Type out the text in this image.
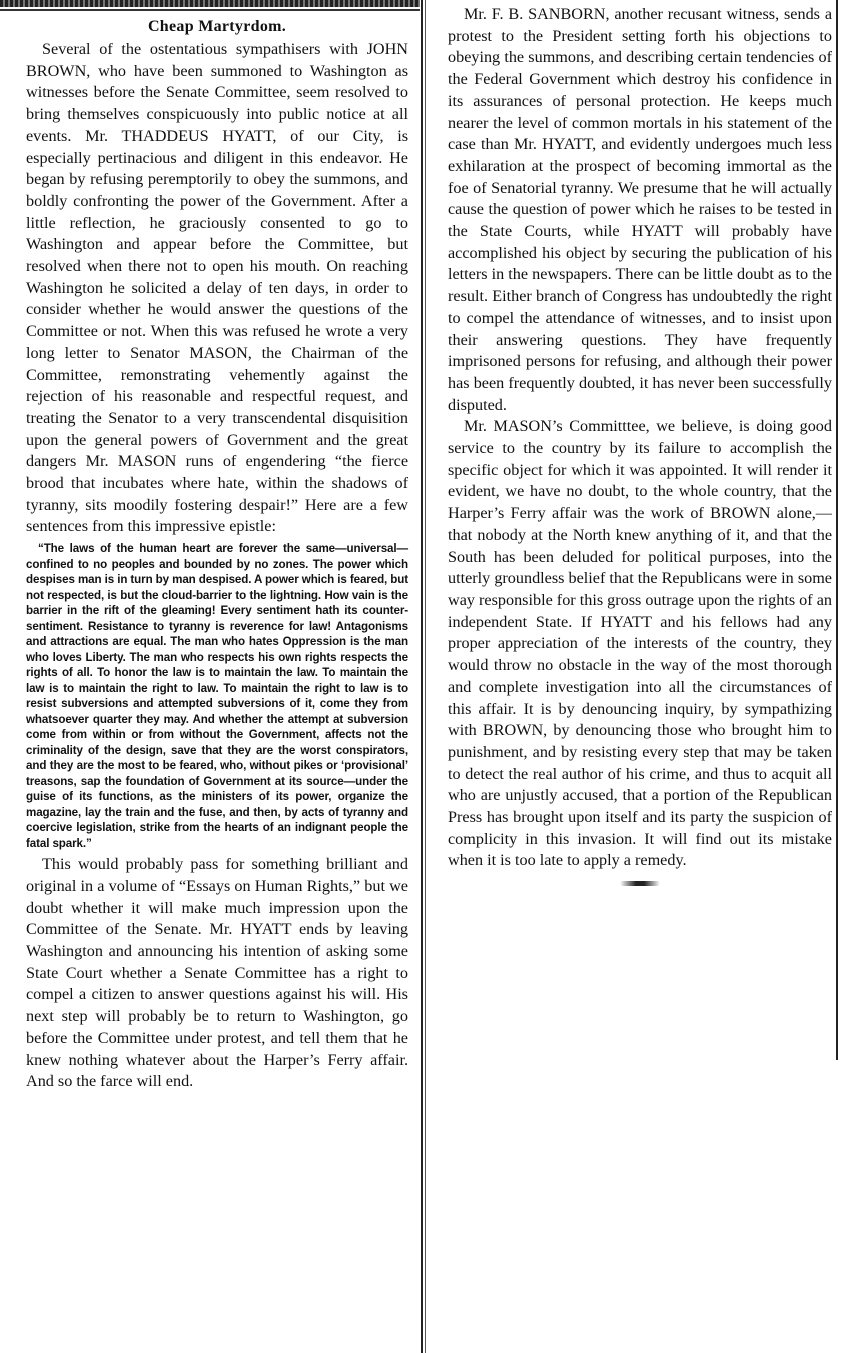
Cheap Martyrdom.

Several of the ostentatious sympathisers with JOHN BROWN, who have been summoned to Washington as witnesses before the Senate Committee, seem resolved to bring themselves conspicuously into public notice at all events. Mr. THADDEUS HYATT, of our City, is especially pertinacious and diligent in this endeavor. He began by refusing peremptorily to obey the summons, and boldly confronting the power of the Government. After a little reflection, he graciously consented to go to Washington and appear before the Committee, but resolved when there not to open his mouth. On reaching Washington he solicited a delay of ten days, in order to consider whether he would answer the questions of the Committee or not. When this was refused he wrote a very long letter to Senator MASON, the Chairman of the Committee, remonstrating vehemently against the rejection of his reasonable and respectful request, and treating the Senator to a very transcendental disquisition upon the general powers of Government and the great dangers Mr. MASON runs of engendering “the fierce brood that incubates where hate, within the shadows of tyranny, sits moodily fostering despair!” Here are a few sentences from this impressive epistle:

“The laws of the human heart are forever the same—universal—confined to no peoples and bounded by no zones. The power which despises man is in turn by man despised. A power which is feared, but not respected, is but the cloud-barrier to the lightning. How vain is the barrier in the rift of the gleaming! Every sentiment hath its counter-sentiment. Resistance to tyranny is reverence for law! Antagonisms and attractions are equal. The man who hates Oppression is the man who loves Liberty. The man who respects his own rights respects the rights of all. To honor the law is to maintain the law. To maintain the law is to maintain the right to law. To maintain the right to law is to resist subversions and attempted subversions of it, come they from whatsoever quarter they may. And whether the attempt at subversion come from within or from without the Government, affects not the criminality of the design, save that they are the worst conspirators, and they are the most to be feared, who, without pikes or ‘provisional’ treasons, sap the foundation of Government at its source—under the guise of its functions, as the ministers of its power, organize the magazine, lay the train and the fuse, and then, by acts of tyranny and coercive legislation, strike from the hearts of an indignant people the fatal spark.”

This would probably pass for something brilliant and original in a volume of “Essays on Human Rights,” but we doubt whether it will make much impression upon the Committee of the Senate. Mr. HYATT ends by leaving Washington and announcing his intention of asking some State Court whether a Senate Committee has a right to compel a citizen to answer questions against his will. His next step will probably be to return to Washington, go before the Committee under protest, and tell them that he knew nothing whatever about the Harper’s Ferry affair. And so the farce will end.

Mr. F. B. SANBORN, another recusant witness, sends a protest to the President setting forth his objections to obeying the summons, and describing certain tendencies of the Federal Government which destroy his confidence in its assurances of personal protection. He keeps much nearer the level of common mortals in his statement of the case than Mr. HYATT, and evidently undergoes much less exhilaration at the prospect of becoming immortal as the foe of Senatorial tyranny. We presume that he will actually cause the question of power which he raises to be tested in the State Courts, while HYATT will probably have accomplished his object by securing the publication of his letters in the newspapers. There can be little doubt as to the result. Either branch of Congress has undoubtedly the right to compel the attendance of witnesses, and to insist upon their answering questions. They have frequently imprisoned persons for refusing, and although their power has been frequently doubted, it has never been successfully disputed.

Mr. MASON’s Committtee, we believe, is doing good service to the country by its failure to accomplish the specific object for which it was appointed. It will render it evident, we have no doubt, to the whole country, that the Harper’s Ferry affair was the work of BROWN alone,—that nobody at the North knew anything of it, and that the South has been deluded for political purposes, into the utterly groundless belief that the Republicans were in some way responsible for this gross outrage upon the rights of an independent State. If HYATT and his fellows had any proper appreciation of the interests of the country, they would throw no obstacle in the way of the most thorough and complete investigation into all the circumstances of this affair. It is by denouncing inquiry, by sympathizing with BROWN, by denouncing those who brought him to punishment, and by resisting every step that may be taken to detect the real author of his crime, and thus to acquit all who are unjustly accused, that a portion of the Republican Press has brought upon itself and its party the suspicion of complicity in this invasion. It will find out its mistake when it is too late to apply a remedy.
